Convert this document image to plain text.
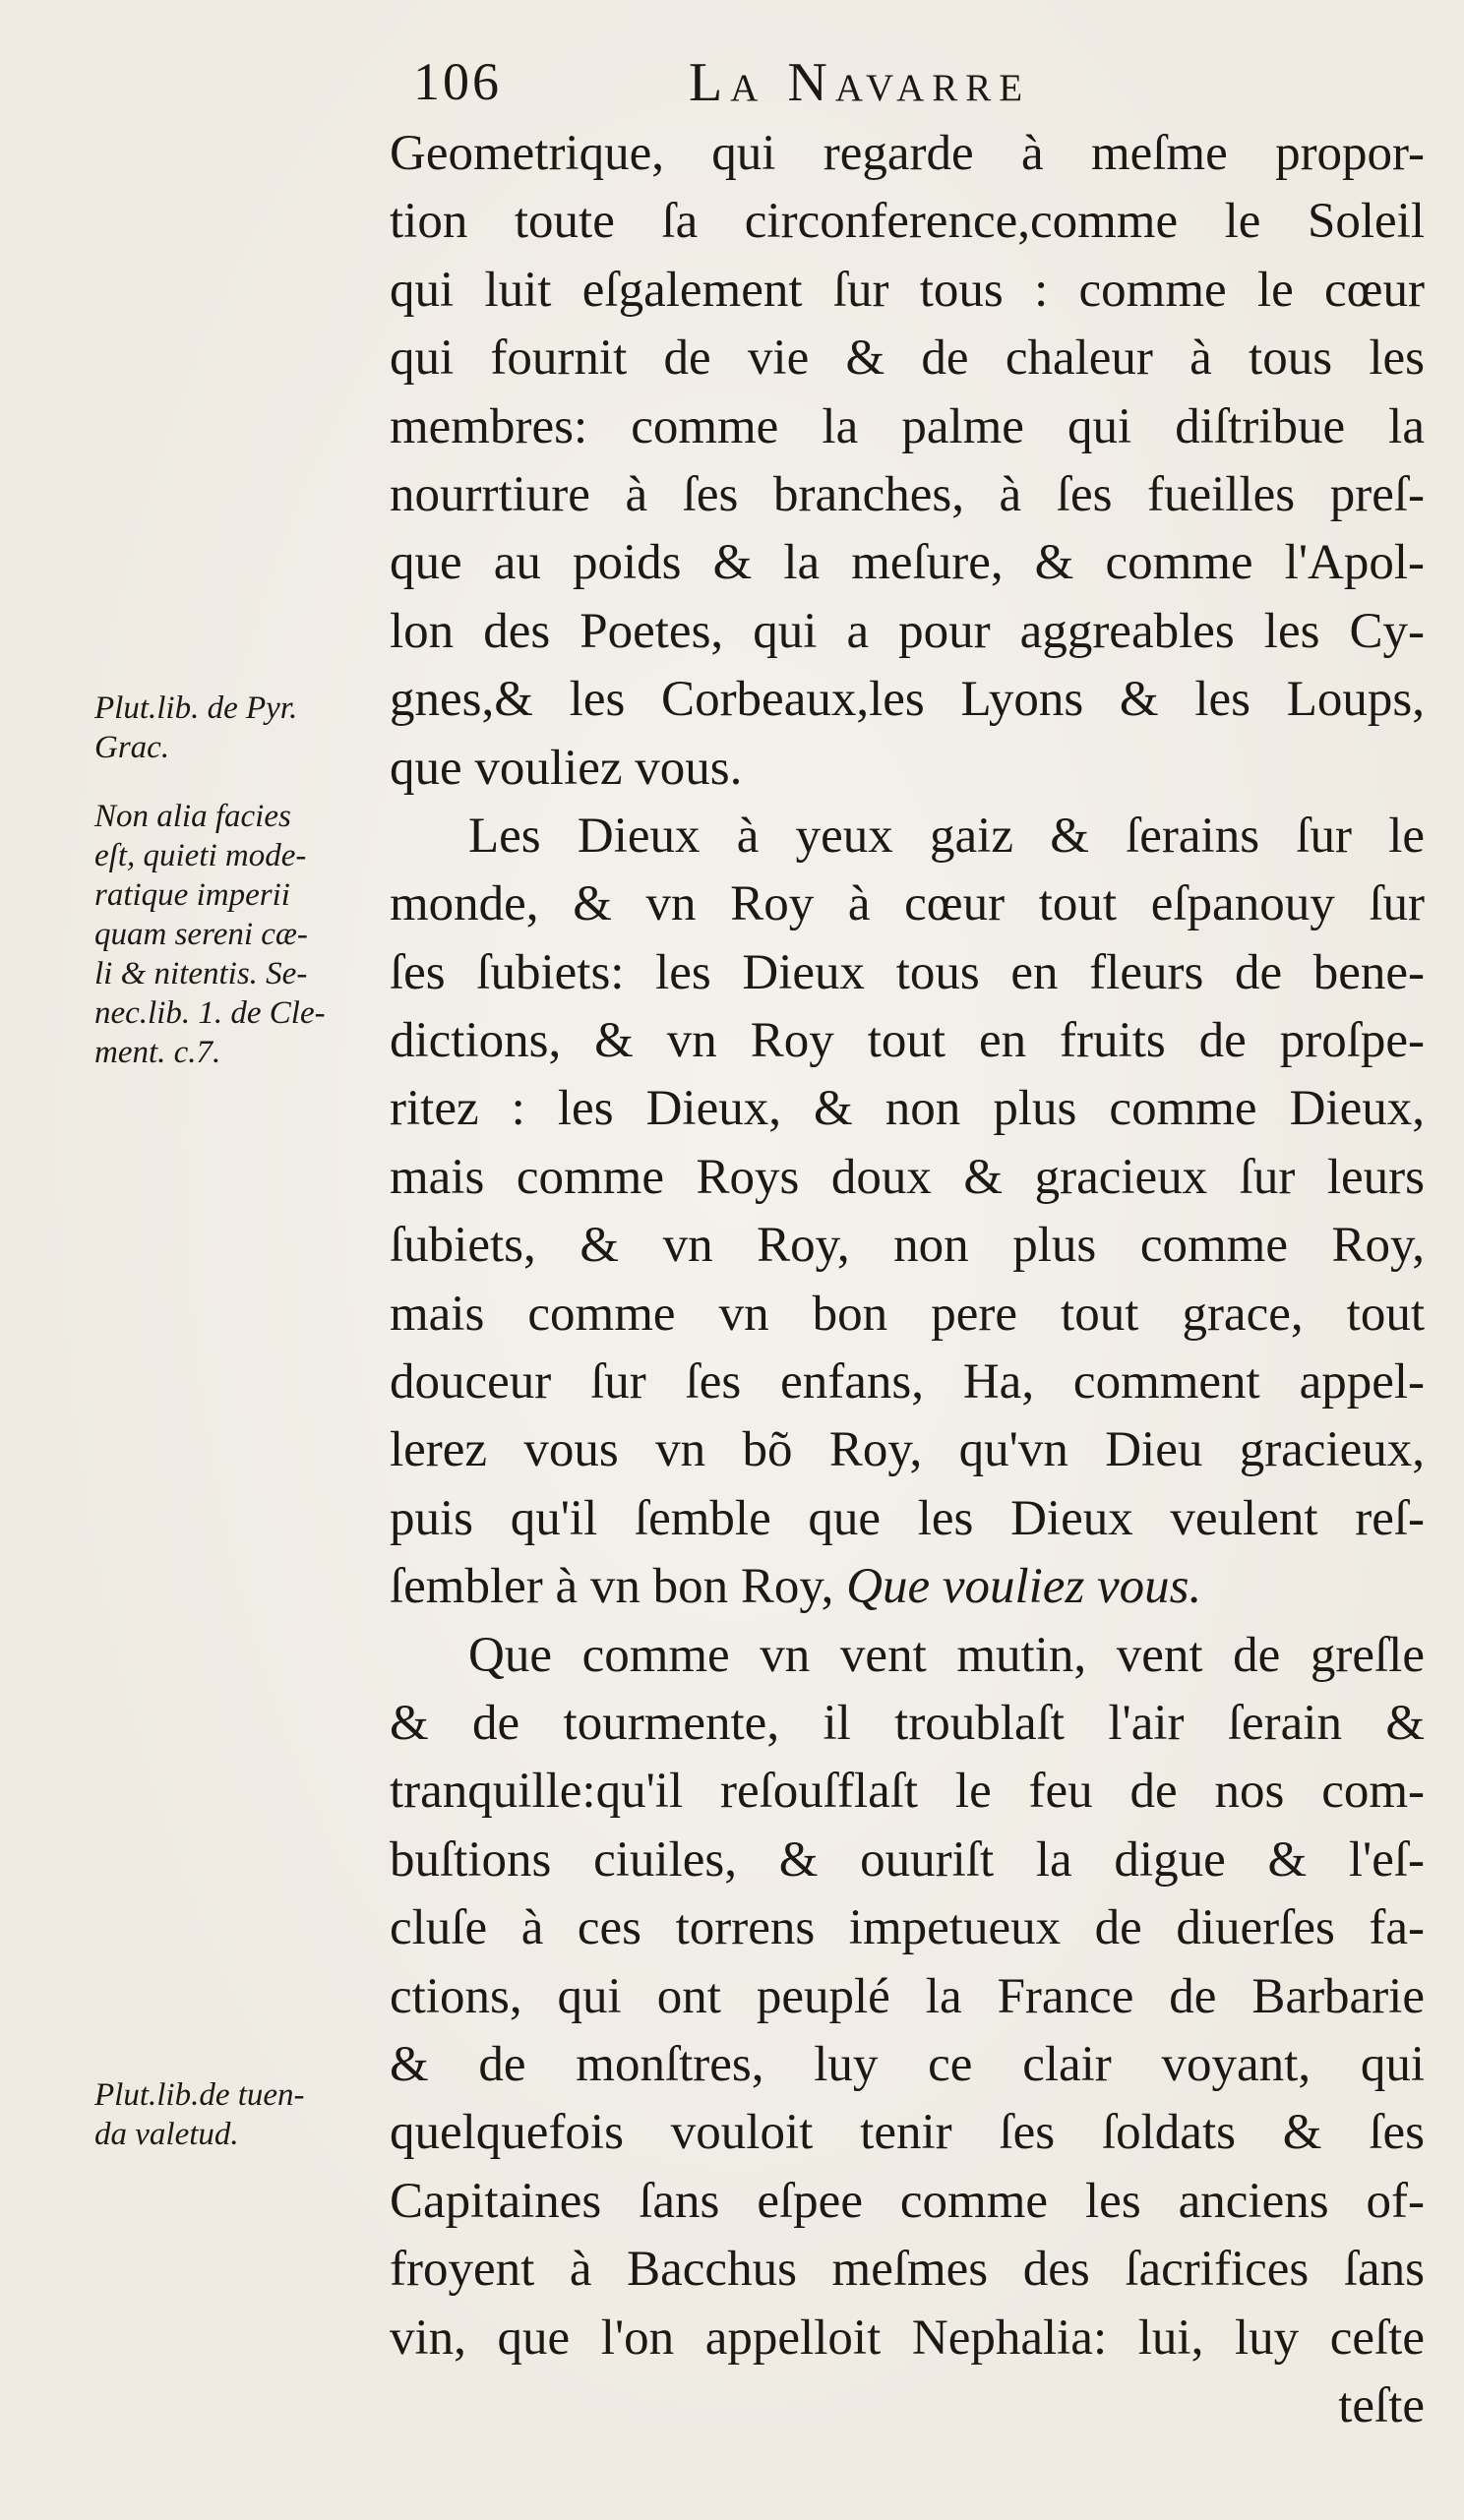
106	La Navarre
Geometrique, qui regarde à meſme propor-
tion toute ſa circonference,comme le Soleil
qui luit eſgalement ſur tous : comme le cœur
qui fournit de vie & de chaleur à tous les
membres: comme la palme qui diſtribue la
nourrtiure à ſes branches, à ſes fueilles preſ-
que au poids & la meſure, & comme l'Apol-
lon des Poetes, qui a pour aggreables les Cy-
gnes,& les Corbeaux,les Lyons & les Loups,
que vouliez vous.
Les Dieux à yeux gaiz & ſerains ſur le
monde, & vn Roy à cœur tout eſpanouy ſur
ſes ſubiets: les Dieux tous en fleurs de bene-
dictions, & vn Roy tout en fruits de proſpe-
ritez : les Dieux, & non plus comme Dieux,
mais comme Roys doux & gracieux ſur leurs
ſubiets, & vn Roy, non plus comme Roy,
mais comme vn bon pere tout grace, tout
douceur ſur ſes enfans, Ha, comment appel-
lerez vous vn bõ Roy, qu'vn Dieu gracieux,
puis qu'il ſemble que les Dieux veulent reſ-
ſembler à vn bon Roy, Que vouliez vous.
Que comme vn vent mutin, vent de greſle
& de tourmente, il troublaſt l'air ſerain &
tranquille:qu'il reſouſflaſt le feu de nos com-
buſtions ciuiles, & ouuriſt la digue & l'eſ-
cluſe à ces torrens impetueux de diuerſes fa-
ctions, qui ont peuplé la France de Barbarie
& de monſtres, luy ce clair voyant, qui
quelquefois vouloit tenir ſes ſoldats & ſes
Capitaines ſans eſpee comme les anciens of-
froyent à Bacchus meſmes des ſacrifices ſans
vin, que l'on appelloit Nephalia: lui, luy ceſte
teſte
Plut.lib. de Pyr.
Grac.
Non alia facies
eſt, quieti mode-
ratique imperii
quam sereni cæ-
li & nitentis. Se-
nec.lib. 1. de Cle-
ment. c.7.
Plut.lib.de tuen-
da valetud.
